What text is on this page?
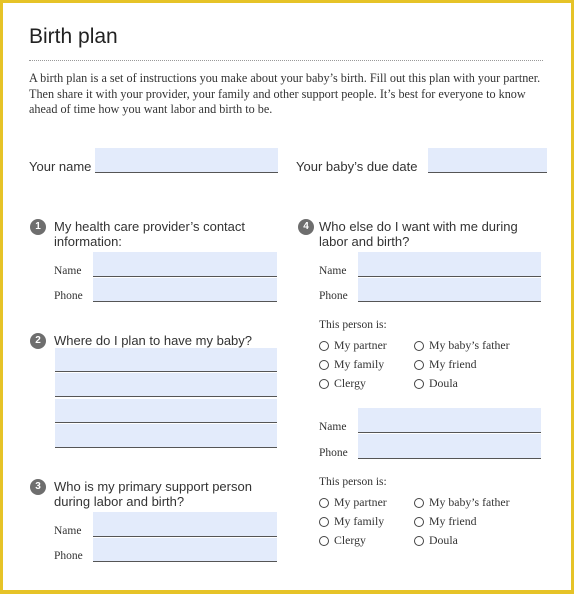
Birth plan
A birth plan is a set of instructions you make about your baby’s birth. Fill out this plan with your partner. Then share it with your provider, your family and other support people. It’s best for everyone to know ahead of time how you want labor and birth to be.
Your name	Your baby’s due date
1	My health care provider’s contact information:
Name
Phone
2	Where do I plan to have my baby?
3	Who is my primary support person during labor and birth?
Name
Phone
4 Who else do I want with me during labor and birth?
Name
Phone
This person is:
My partner	My baby’s father
My family	My friend
Clergy	Doula
Name
Phone
This person is:
My partner	My baby’s father
My family	My friend
Clergy	Doula
